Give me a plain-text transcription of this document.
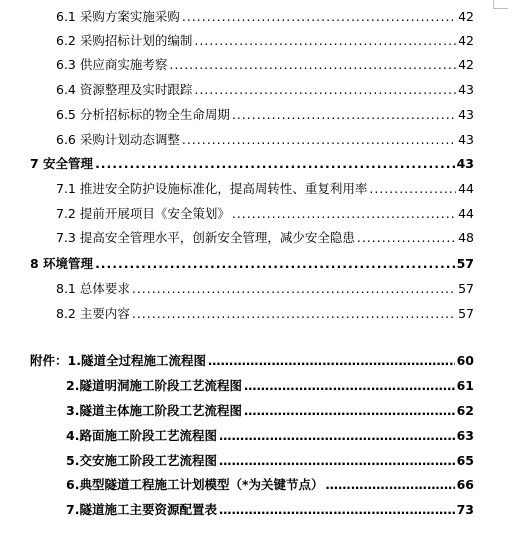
6.1 采购方案实施采购 .....	42
6.2 采购招标计划的编制 .....	42
6.3 供应商实施考察 .....	42
6.4 资源整理及实时跟踪 .....	43
6.5 分析招标标的物全生命周期 .....	43
6.6 采购计划动态调整 .....	43
7 安全管理 .....	43
7.1 推进安全防护设施标准化，提高周转性、重复利用率 .....	44
7.2 提前开展项目《安全策划》 .....	44
7.3 提高安全管理水平，创新安全管理，减少安全隐患 .....	48
8 环境管理 .....	57
8.1 总体要求 .....	57
8.2 主要内容 .....	57
附件：1.隧道全过程施工流程图 ……………………………………………………………………………………………………………………………………………	60
2.隧道明洞施工阶段工艺流程图 ……………………………………………………………………………………………………………………………………………	61
3.隧道主体施工阶段工艺流程图 ……………………………………………………………………………………………………………………………………………	62
4.路面施工阶段工艺流程图 ……………………………………………………………………………………………………………………………………………	63
5.交安施工阶段工艺流程图 ……………………………………………………………………………………………………………………………………………	65
6.典型隧道工程施工计划模型（*为关键节点） ……………………………………………………………………………………………………………………………………………	66
7.隧道施工主要资源配置表 ……………………………………………………………………………………………………………………………………………	73
